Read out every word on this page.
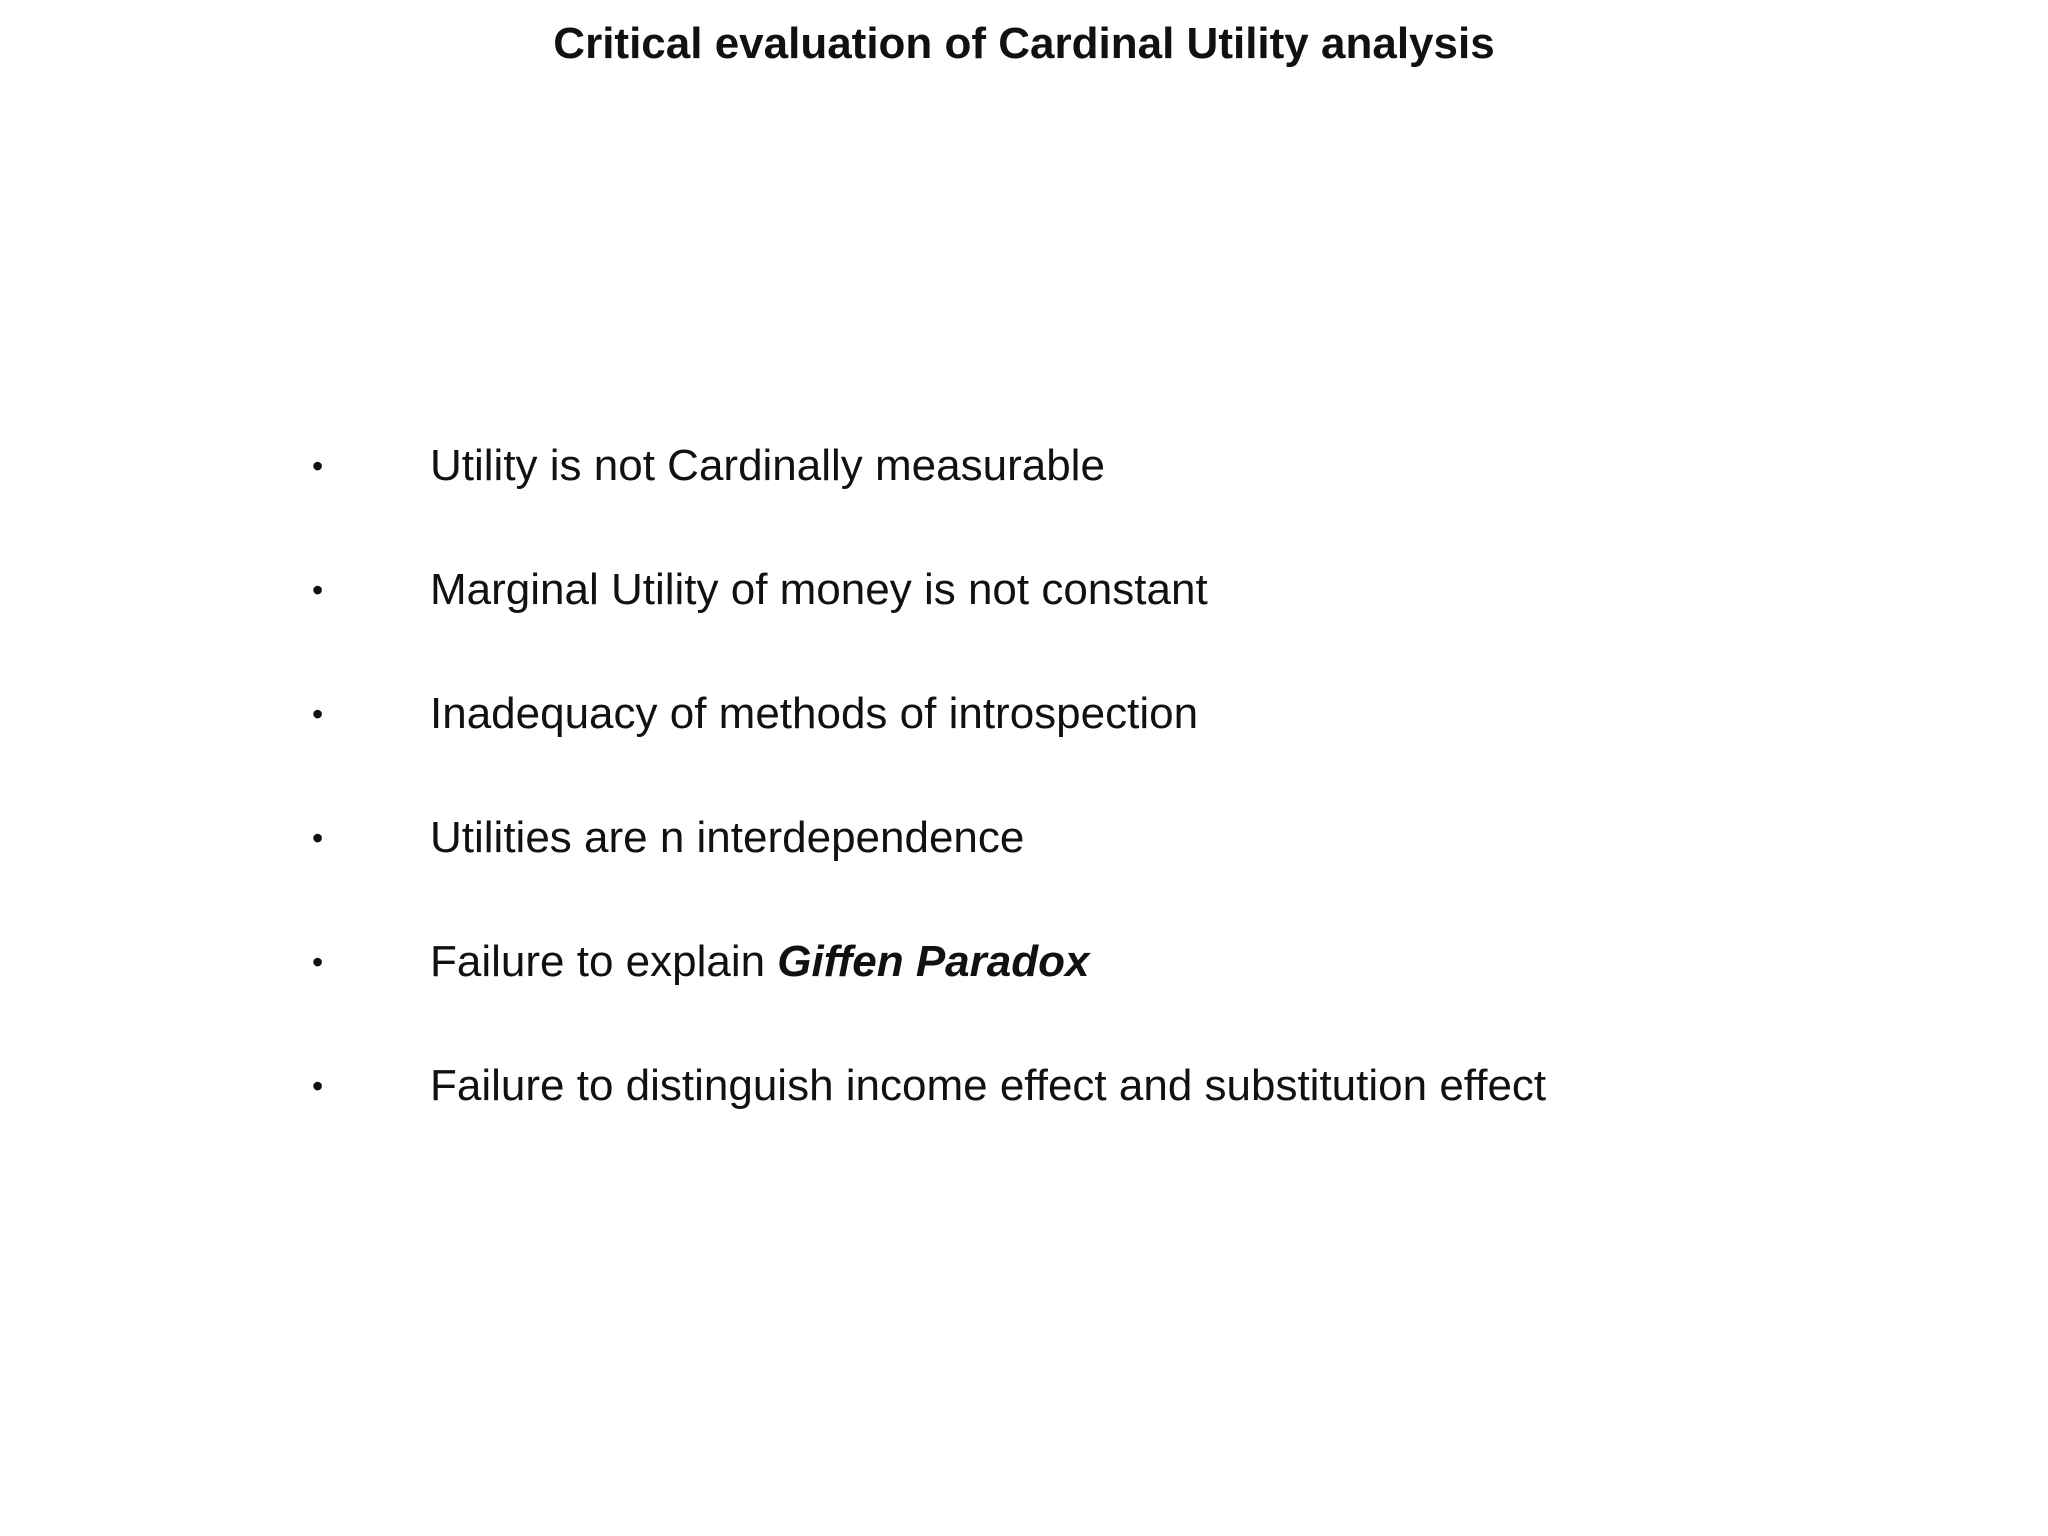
Critical evaluation of Cardinal Utility analysis
• Utility is not Cardinally measurable
• Marginal Utility of money is not constant
• Inadequacy of methods of introspection
• Utilities are n interdependence
• Failure to explain Giffen Paradox
• Failure to distinguish income effect and substitution effect
